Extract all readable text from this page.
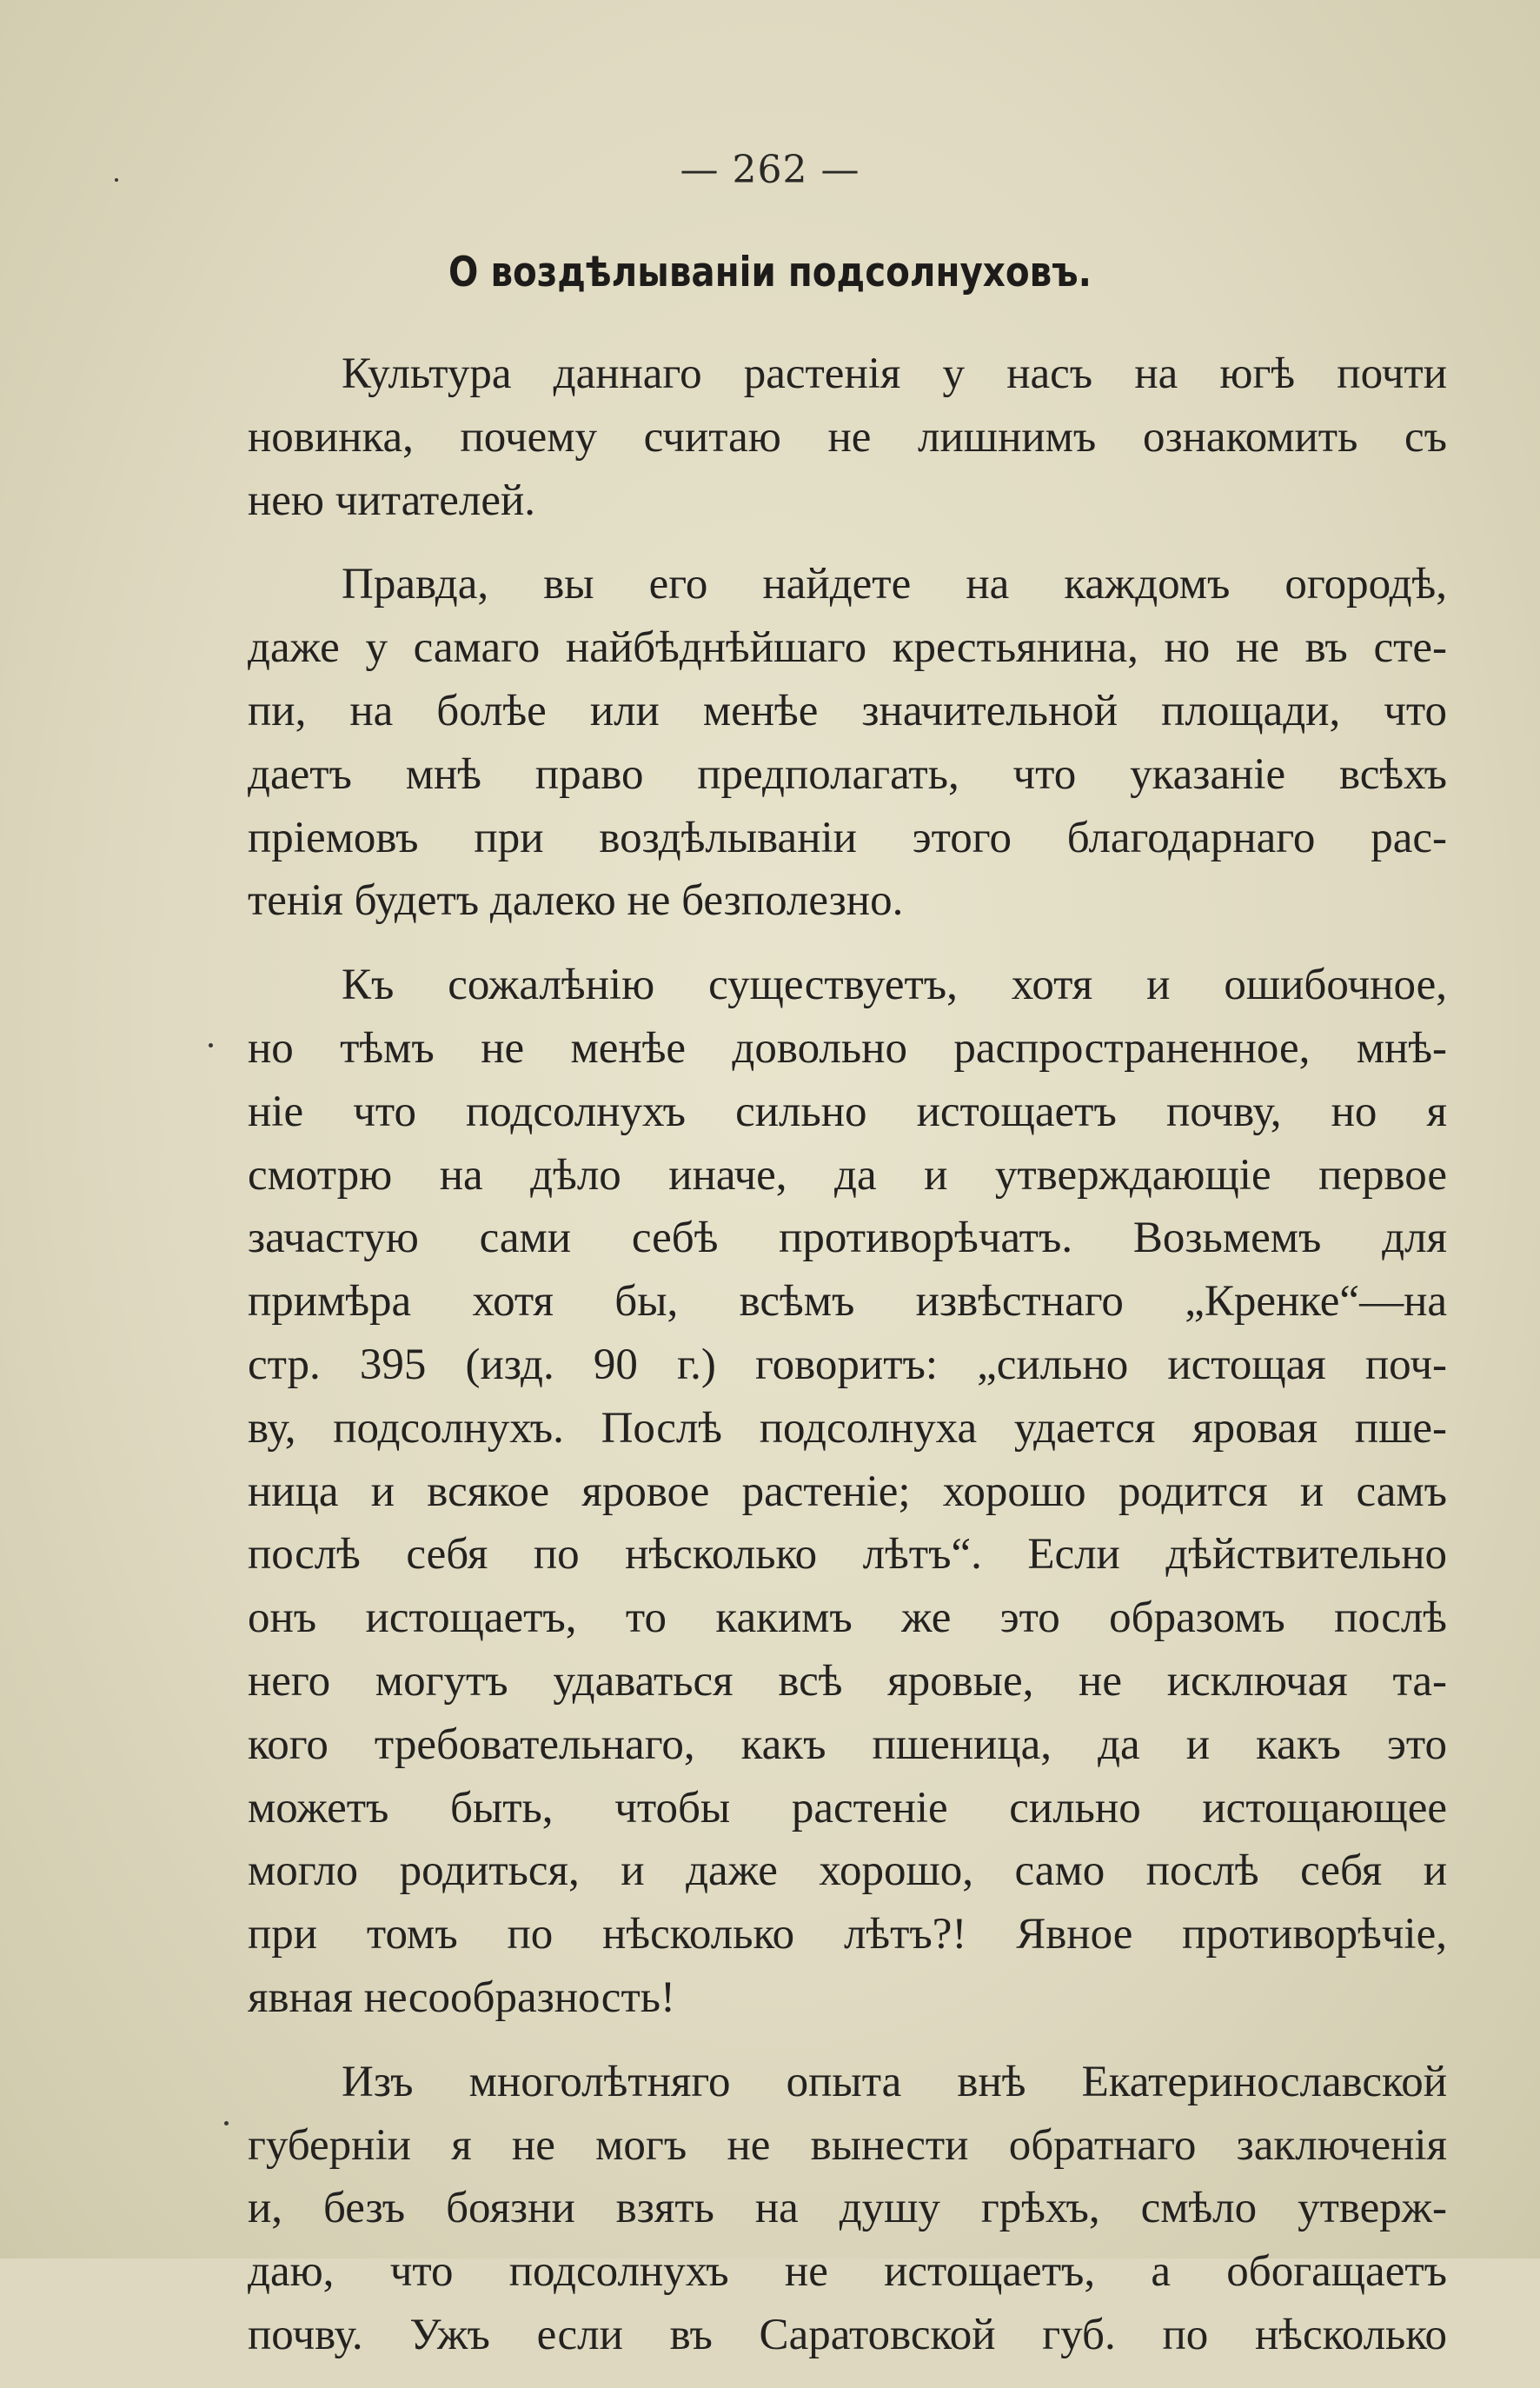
— 262 —
О воздѣлываніи подсолнуховъ.
Культура даннаго растенія у насъ на югѣ почти
новинка, почему считаю не лишнимъ ознакомить съ
нею читателей.
Правда, вы его найдете на каждомъ огородѣ,
даже у самаго найбѣднѣйшаго крестьянина, но не въ сте-
пи, на болѣе или менѣе значительной площади, что
даетъ мнѣ право предполагать, что указаніе всѣхъ
пріемовъ при воздѣлываніи этого благодарнаго рас-
тенія будетъ далеко не безполезно.
Къ сожалѣнію существуетъ, хотя и ошибочное,
но тѣмъ не менѣе довольно распространенное, мнѣ-
ніе что подсолнухъ сильно истощаетъ почву, но я
смотрю на дѣло иначе, да и утверждающіе первое
зачастую сами себѣ противорѣчатъ. Возьмемъ для
примѣра хотя бы, всѣмъ извѣстнаго „Кренке“—на
стр. 395 (изд. 90 г.) говоритъ: „сильно истощая поч-
ву, подсолнухъ. Послѣ подсолнуха удается яровая пше-
ница и всякое яровое растеніе; хорошо родится и самъ
послѣ себя по нѣсколько лѣтъ“. Если дѣйствительно
онъ истощаетъ, то какимъ же это образомъ послѣ
него могутъ удаваться всѣ яровые, не исключая та-
кого требовательнаго, какъ пшеница, да и какъ это
можетъ быть, чтобы растеніе сильно истощающее
могло родиться, и даже хорошо, само послѣ себя и
при томъ по нѣсколько лѣтъ?! Явное противорѣчіе,
явная несообразность!
Изъ многолѣтняго опыта внѣ Екатеринославской
губерніи я не могъ не вынести обратнаго заключенія
и, безъ боязни взять на душу грѣхъ, смѣло утверж-
даю, что подсолнухъ не истощаетъ, а обогащаетъ
почву. Ужъ если въ Саратовской губ. по нѣсколько
